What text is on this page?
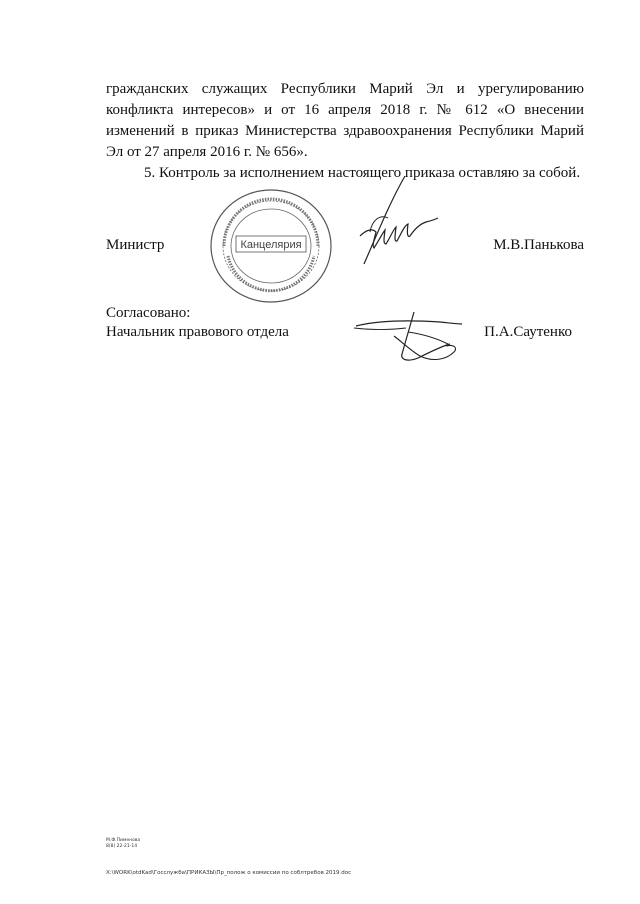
гражданских служащих Республики Марий Эл и урегулированию конфликта интересов» и от 16 апреля 2018 г. № 612 «О внесении изменений в приказ Министерства здравоохранения Республики Марий Эл от 27 апреля 2016 г. № 656».

5. Контроль за исполнением настоящего приказа оставляю за собой.

Канцелярия
Министр	М.В.Панькова
Согласовано:
Начальник правового отдела	П.А.Саутенко
М.Ф.Пименова
8(8) 22-21-14
X:\WORK\otdKad\Госслужба\ПРИКАЗЫ\Пр_полож о комиссии по соблтребов 2019.doc
